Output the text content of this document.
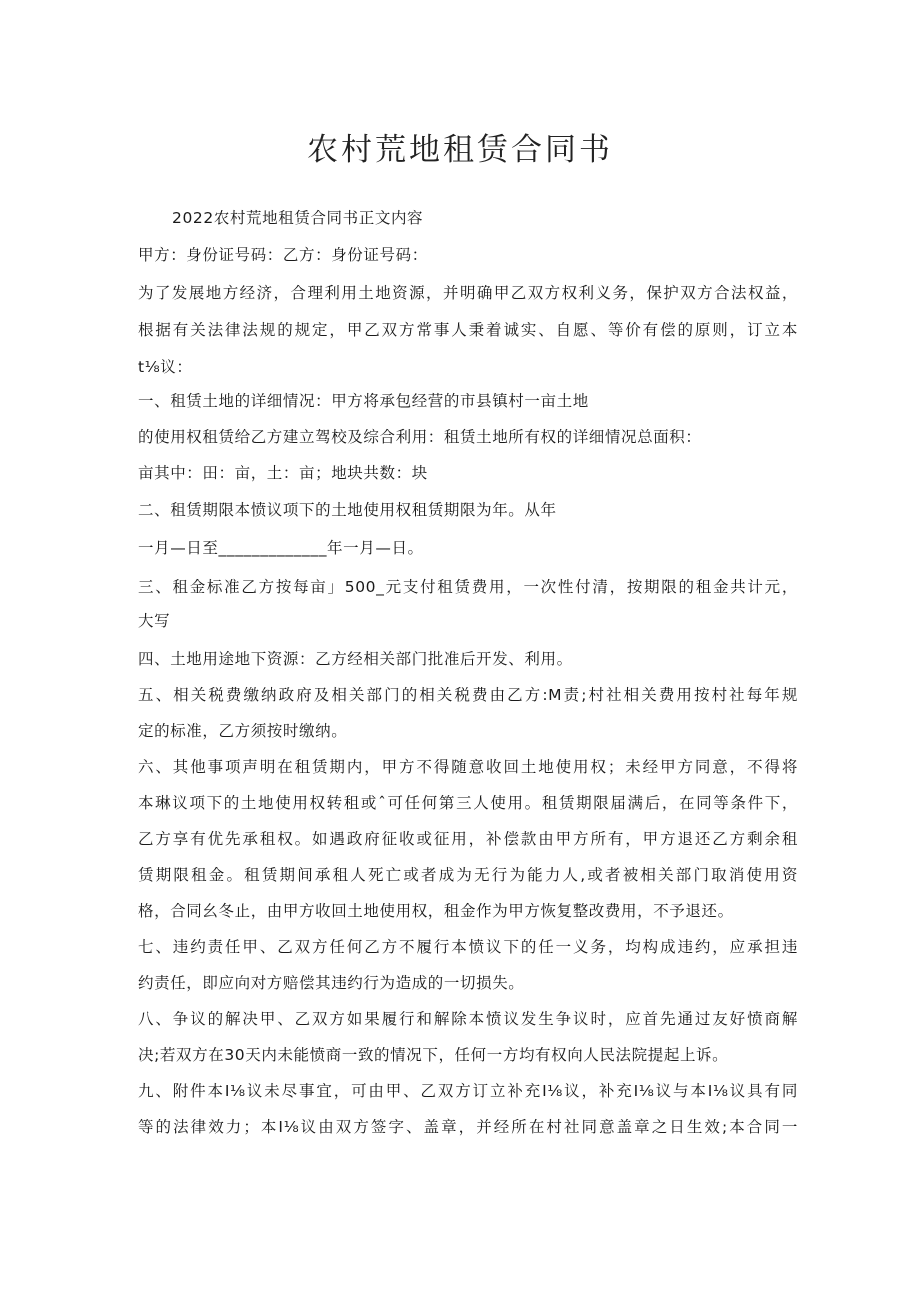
农村荒地租赁合同书

2022农村荒地租赁合同书正文内容

甲方：身份证号码：乙方：身份证号码：

为了发展地方经济，合理利用土地资源，并明确甲乙双方权利义务，保护双方合法权益，

根据有关法律法规的规定，甲乙双方常事人秉着诚实、自愿、等价有偿的原则，订立本

t⅛议：

一、租赁土地的详细情况：甲方将承包经营的市县镇村一亩土地

的使用权租赁给乙方建立驾校及综合利用：租赁土地所有权的详细情况总面积：

亩其中：田：亩，土：亩；地块共数：块

二、租赁期限本愤议项下的土地使用权租赁期限为年。从年

一月—日至_____________年一月—日。

三、租金标准乙方按每亩」500_元支付租赁费用，一次性付清，按期限的租金共计元，

大写

四、土地用途地下资源：乙方经相关部门批准后开发、利用。

五、相关税费缴纳政府及相关部门的相关税费由乙方:M责;村社相关费用按村社每年规

定的标准，乙方须按时缴纳。

六、其他事项声明在租赁期内，甲方不得随意收回土地使用权；未经甲方同意，不得将

本琳议项下的土地使用权转租或ˆ可任何第三人使用。租赁期限届满后，在同等条件下，

乙方享有优先承租权。如遇政府征收或征用，补偿款由甲方所有，甲方退还乙方剩余租

赁期限租金。租赁期间承租人死亡或者成为无行为能力人,或者被相关部门取消使用资

格，合同幺冬止，由甲方收回土地使用权，租金作为甲方恢复整改费用，不予退还。

七、违约责任甲、乙双方任何乙方不履行本愤议下的任一义务，均构成违约，应承担违

约责任，即应向对方赔偿其违约行为造成的一切损失。

八、争议的解决甲、乙双方如果履行和解除本愤议发生争议时，应首先通过友好愤商解

决;若双方在30天内未能愤商一致的情况下，任何一方均有权向人民法院提起上诉。

九、附件本I⅛议未尽事宜，可由甲、乙双方订立补充I⅛议，补充I⅛议与本I⅛议具有同

等的法律效力；本I⅛议由双方签字、盖章，并经所在村社同意盖章之日生效;本合同一
